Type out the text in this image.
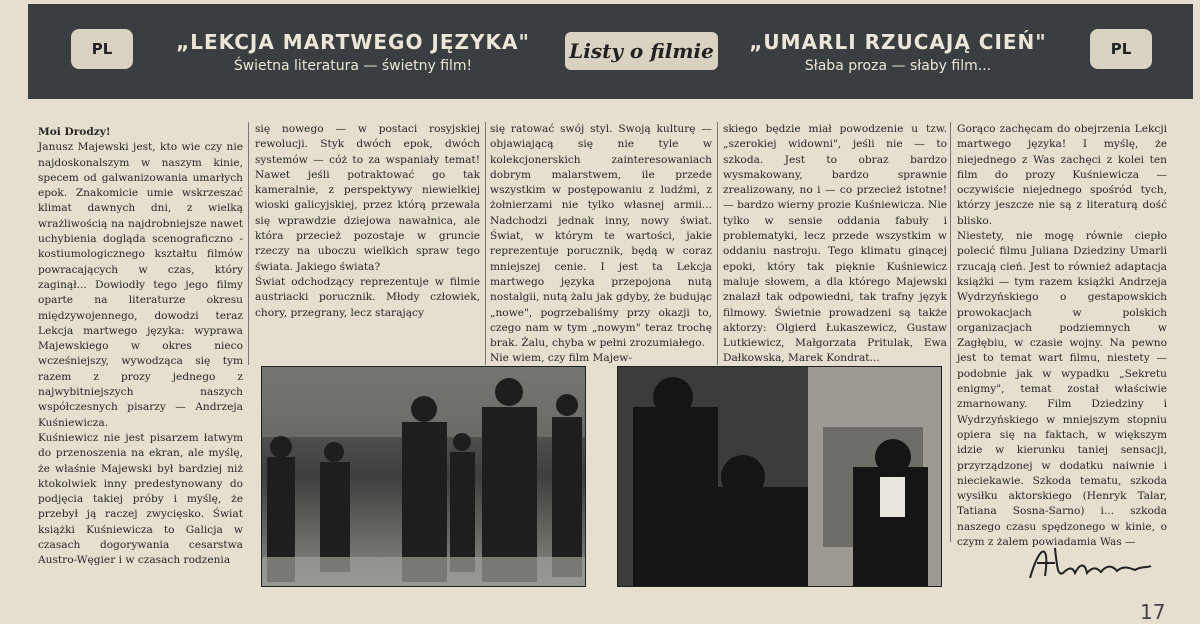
PL	„LEKCJA MARTWEGO JĘZYKA"
Świetna literatura — świetny film!
Listy o filmie	„UMARLI RZUCAJĄ CIEŃ"
Słaba proza — słaby film...
PL
Moi Drodzy!
Janusz Majewski jest, kto wie czy nie najdoskonalszym w naszym kinie, specem od galwanizowania umarłych epok. Znakomicie umie wskrzeszać klimat dawnych dni, z wielką wrażliwością na najdrobniejsze nawet uchybienia dogląda scenograficzno - kostiumologicznego kształtu filmów powracających w czas, który zaginął... Dowiodły tego jego filmy oparte na literaturze okresu międzywojennego, dowodzi teraz Lekcja martwego języka: wyprawa Majewskiego w okres nieco wcześniejszy, wywodząca się tym razem z prozy jednego z najwybitniejszych naszych współczesnych pisarzy — Andrzeja Kuśniewicza.
Kuśniewicz nie jest pisarzem łatwym do przenoszenia na ekran, ale myślę, że właśnie Majewski był bardziej niż ktokolwiek inny predestynowany do podjęcia takiej próby i myślę, że przebył ją raczej zwycięsko. Świat książki Kuśniewicza to Galicja w czasach dogorywania cesarstwa Austro-Węgier i w czasach rodzenia
się nowego — w postaci rosyjskiej rewolucji. Styk dwóch epok, dwóch systemów — cóż to za wspaniały temat! Nawet jeśli potraktować go tak kameralnie, z perspektywy niewielkiej wioski galicyjskiej, przez którą przewala się wprawdzie dziejowa nawałnica, ale która przecież pozostaje w gruncie rzeczy na uboczu wielkich spraw tego świata. Jakiego świata?
Świat odchodzący reprezentuje w filmie austriacki porucznik. Młody człowiek, chory, przegrany, lecz starający
się ratować swój styl. Swoją kulturę — objawiającą się nie tyle w kolekcjonerskich zainteresowaniach dobrym malarstwem, ile przede wszystkim w postępowaniu z ludźmi, z żołnierzami nie tylko własnej armii... Nadchodzi jednak inny, nowy świat. Świat, w którym te wartości, jakie reprezentuje porucznik, będą w coraz mniejszej cenie. I jest ta Lekcja martwego języka przepojona nutą nostalgii, nutą żalu jak gdyby, że budując „nowe", pogrzebaliśmy przy okazji to, czego nam w tym „nowym" teraz trochę brak. Żalu, chyba w pełni zrozumiałego.
Nie wiem, czy film Majew-
skiego będzie miał powodzenie u tzw. „szerokiej widowni", jeśli nie — to szkoda. Jest to obraz bardzo wysmakowany, bardzo sprawnie zrealizowany, no i — co przecież istotne! — bardzo wierny prozie Kuśniewicza. Nie tylko w sensie oddania fabuły i problematyki, lecz przede wszystkim w oddaniu nastroju. Tego klimatu ginącej epoki, który tak pięknie Kuśniewicz maluje słowem, a dla którego Majewski znalazł tak odpowiedni, tak trafny język filmowy. Świetnie prowadzeni są także aktorzy: Olgierd Łukaszewicz, Gustaw Lutkiewicz, Małgorzata Pritulak, Ewa Dałkowska, Marek Kondrat...
Gorąco zachęcam do obejrzenia Lekcji martwego języka! I myślę, że niejednego z Was zachęci z kolei ten film do prozy Kuśniewicza — oczywiście niejednego spośród tych, którzy jeszcze nie są z literaturą dość blisko.
Niestety, nie mogę równie ciepło polecić filmu Juliana Dziedziny Umarli rzucają cień. Jest to również adaptacja książki — tym razem książki Andrzeja Wydrzyńskiego o gestapowskich prowokacjach w polskich organizacjach podziemnych w Zagłębiu, w czasie wojny. Na pewno jest to temat wart filmu, niestety — podobnie jak w wypadku „Sekretu enigmy", temat został właściwie zmarnowany. Film Dziedziny i Wydrzyńskiego w mniejszym stopniu opiera się na faktach, w większym idzie w kierunku taniej sensacji, przyrządzonej w dodatku naiwnie i nieciekawie. Szkoda tematu, szkoda wysiłku aktorskiego (Henryk Talar, Tatiana Sosna-Sarno) i... szkoda naszego czasu spędzonego w kinie, o czym z żalem powiadamia Was —
17
